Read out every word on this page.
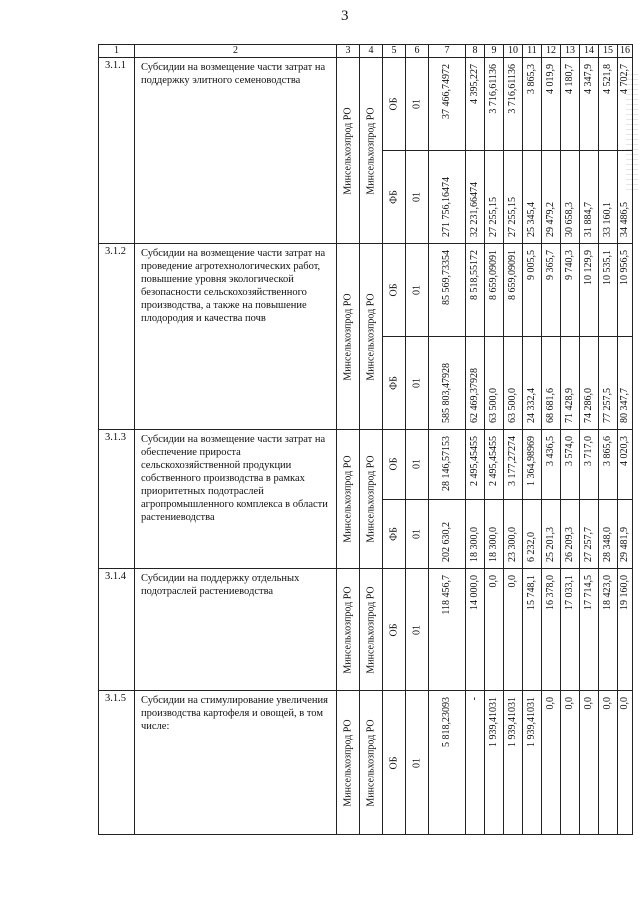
3
1	2	3	4	5	6	7	8	9	10	11	12	13	14	15	16
3.1.1	Субсидии на возмещение части затрат на поддержку элитного семеноводства	Минсельхозпрод РО	Минсельхозпрод РО	ОБ	01	37 466,74972	4 395,227	3 716,61136	3 716,61136	3 865,3	4 019,9	4 180,7	4 347,9	4 521,8	4 702,7

				ФБ	01	271 756,16474	32 231,66474	27 255,15	27 255,15	25 345,4	29 479,2	30 658,3	31 884,7	33 160,1	34 486,5

3.1.2	Субсидии на возмещение части затрат на проведение агротехнологических работ, повышение уровня экологической безопасности сельскохозяйственного производства, а также на повышение плодородия и качества почв	Минсельхозпрод РО	Минсельхозпрод РО	ОБ	01	85 569,73354	8 518,55172	8 659,09091	8 659,09091	9 005,5	9 365,7	9 740,3	10 129,9	10 535,1	10 956,5

				ФБ	01	585 803,47928	62 469,37928	63 500,0	63 500,0	24 332,4	68 681,6	71 428,9	74 286,0	77 257,5	80 347,7

3.1.3	Субсидии на возмещение части затрат на обеспечение прироста сельскохозяйственной продукции собственного производства в рамках приоритетных подотраслей агропромышленного комплекса в области растениеводства	Минсельхозпрод РО	Минсельхозпрод РО	ОБ	01	28 146,57153	2 495,45455	2 495,45455	3 177,27274	1 364,98969	3 436,5	3 574,0	3 717,0	3 865,6	4 020,3

				ФБ	01	202 630,2	18 300,0	18 300,0	23 300,0	6 232,0	25 201,3	26 209,3	27 257,7	28 348,0	29 481,9

3.1.4	Субсидии на поддержку отдельных подотраслей растениеводства	Минсельхозпрод РО	Минсельхозпрод РО	ОБ	01	118 456,7	14 000,0	0,0	0,0	15 748,1	16 378,0	17 033,1	17 714,5	18 423,0	19 160,0

3.1.5	Субсидии на стимулирование увеличения производства картофеля и овощей, в том числе:	Минсельхозпрод РО	Минсельхозпрод РО	ОБ	01	5 818,23093	-	1 939,41031	1 939,41031	1 939,41031	0,0	0,0	0,0	0,0	0,0
